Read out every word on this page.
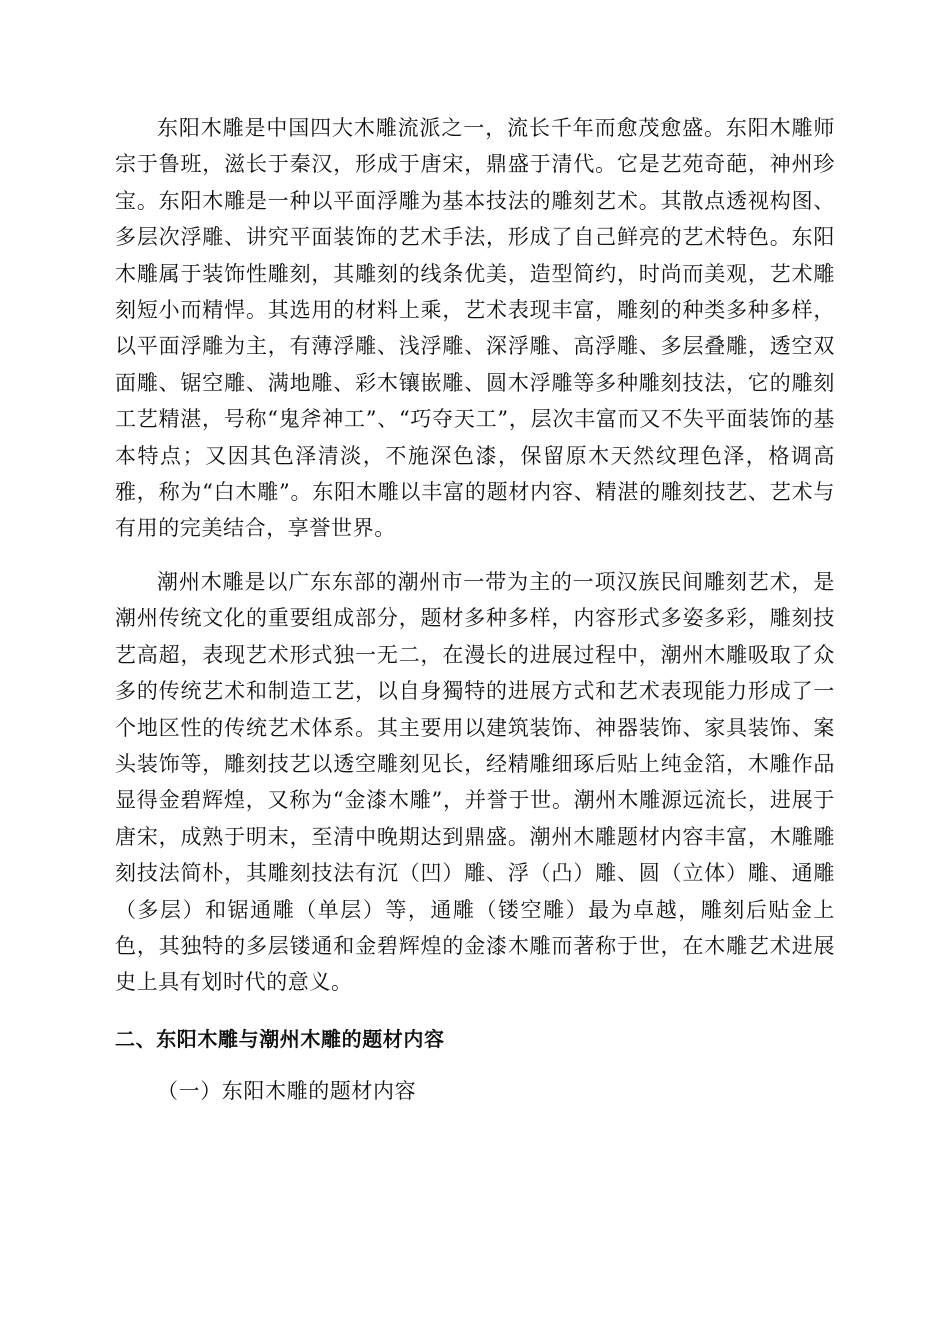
东阳木雕是中国四大木雕流派之一，流长千年而愈茂愈盛。东阳木雕师宗于鲁班，滋长于秦汉，形成于唐宋，鼎盛于清代。它是艺苑奇葩，神州珍宝。东阳木雕是一种以平面浮雕为基本技法的雕刻艺术。其散点透视构图、多层次浮雕、讲究平面装饰的艺术手法，形成了自己鲜亮的艺术特色。东阳木雕属于装饰性雕刻，其雕刻的线条优美，造型简约，时尚而美观，艺术雕刻短小而精悍。其选用的材料上乘，艺术表现丰富，雕刻的种类多种多样，以平面浮雕为主，有薄浮雕、浅浮雕、深浮雕、高浮雕、多层叠雕，透空双面雕、锯空雕、满地雕、彩木镶嵌雕、圆木浮雕等多种雕刻技法，它的雕刻工艺精湛，号称“鬼斧神工”、“巧夺天工”，层次丰富而又不失平面装饰的基本特点；又因其色泽清淡，不施深色漆，保留原木天然纹理色泽，格调高雅，称为“白木雕”。东阳木雕以丰富的题材内容、精湛的雕刻技艺、艺术与有用的完美结合，享誉世界。

潮州木雕是以广东东部的潮州市一带为主的一项汉族民间雕刻艺术，是潮州传统文化的重要组成部分，题材多种多样，内容形式多姿多彩，雕刻技艺高超，表现艺术形式独一无二，在漫长的进展过程中，潮州木雕吸取了众多的传统艺术和制造工艺，以自身獨特的进展方式和艺术表现能力形成了一个地区性的传统艺术体系。其主要用以建筑装饰、神器装饰、家具装饰、案头装饰等，雕刻技艺以透空雕刻见长，经精雕细琢后贴上纯金箔，木雕作品显得金碧辉煌，又称为“金漆木雕”，并誉于世。潮州木雕源远流长，进展于唐宋，成熟于明末，至清中晚期达到鼎盛。潮州木雕题材内容丰富，木雕雕刻技法简朴，其雕刻技法有沉（凹）雕、浮（凸）雕、圆（立体）雕、通雕（多层）和锯通雕（单层）等，通雕（镂空雕）最为卓越，雕刻后贴金上色，其独特的多层镂通和金碧辉煌的金漆木雕而著称于世，在木雕艺术进展史上具有划时代的意义。

二、东阳木雕与潮州木雕的题材内容

（一）东阳木雕的题材内容
